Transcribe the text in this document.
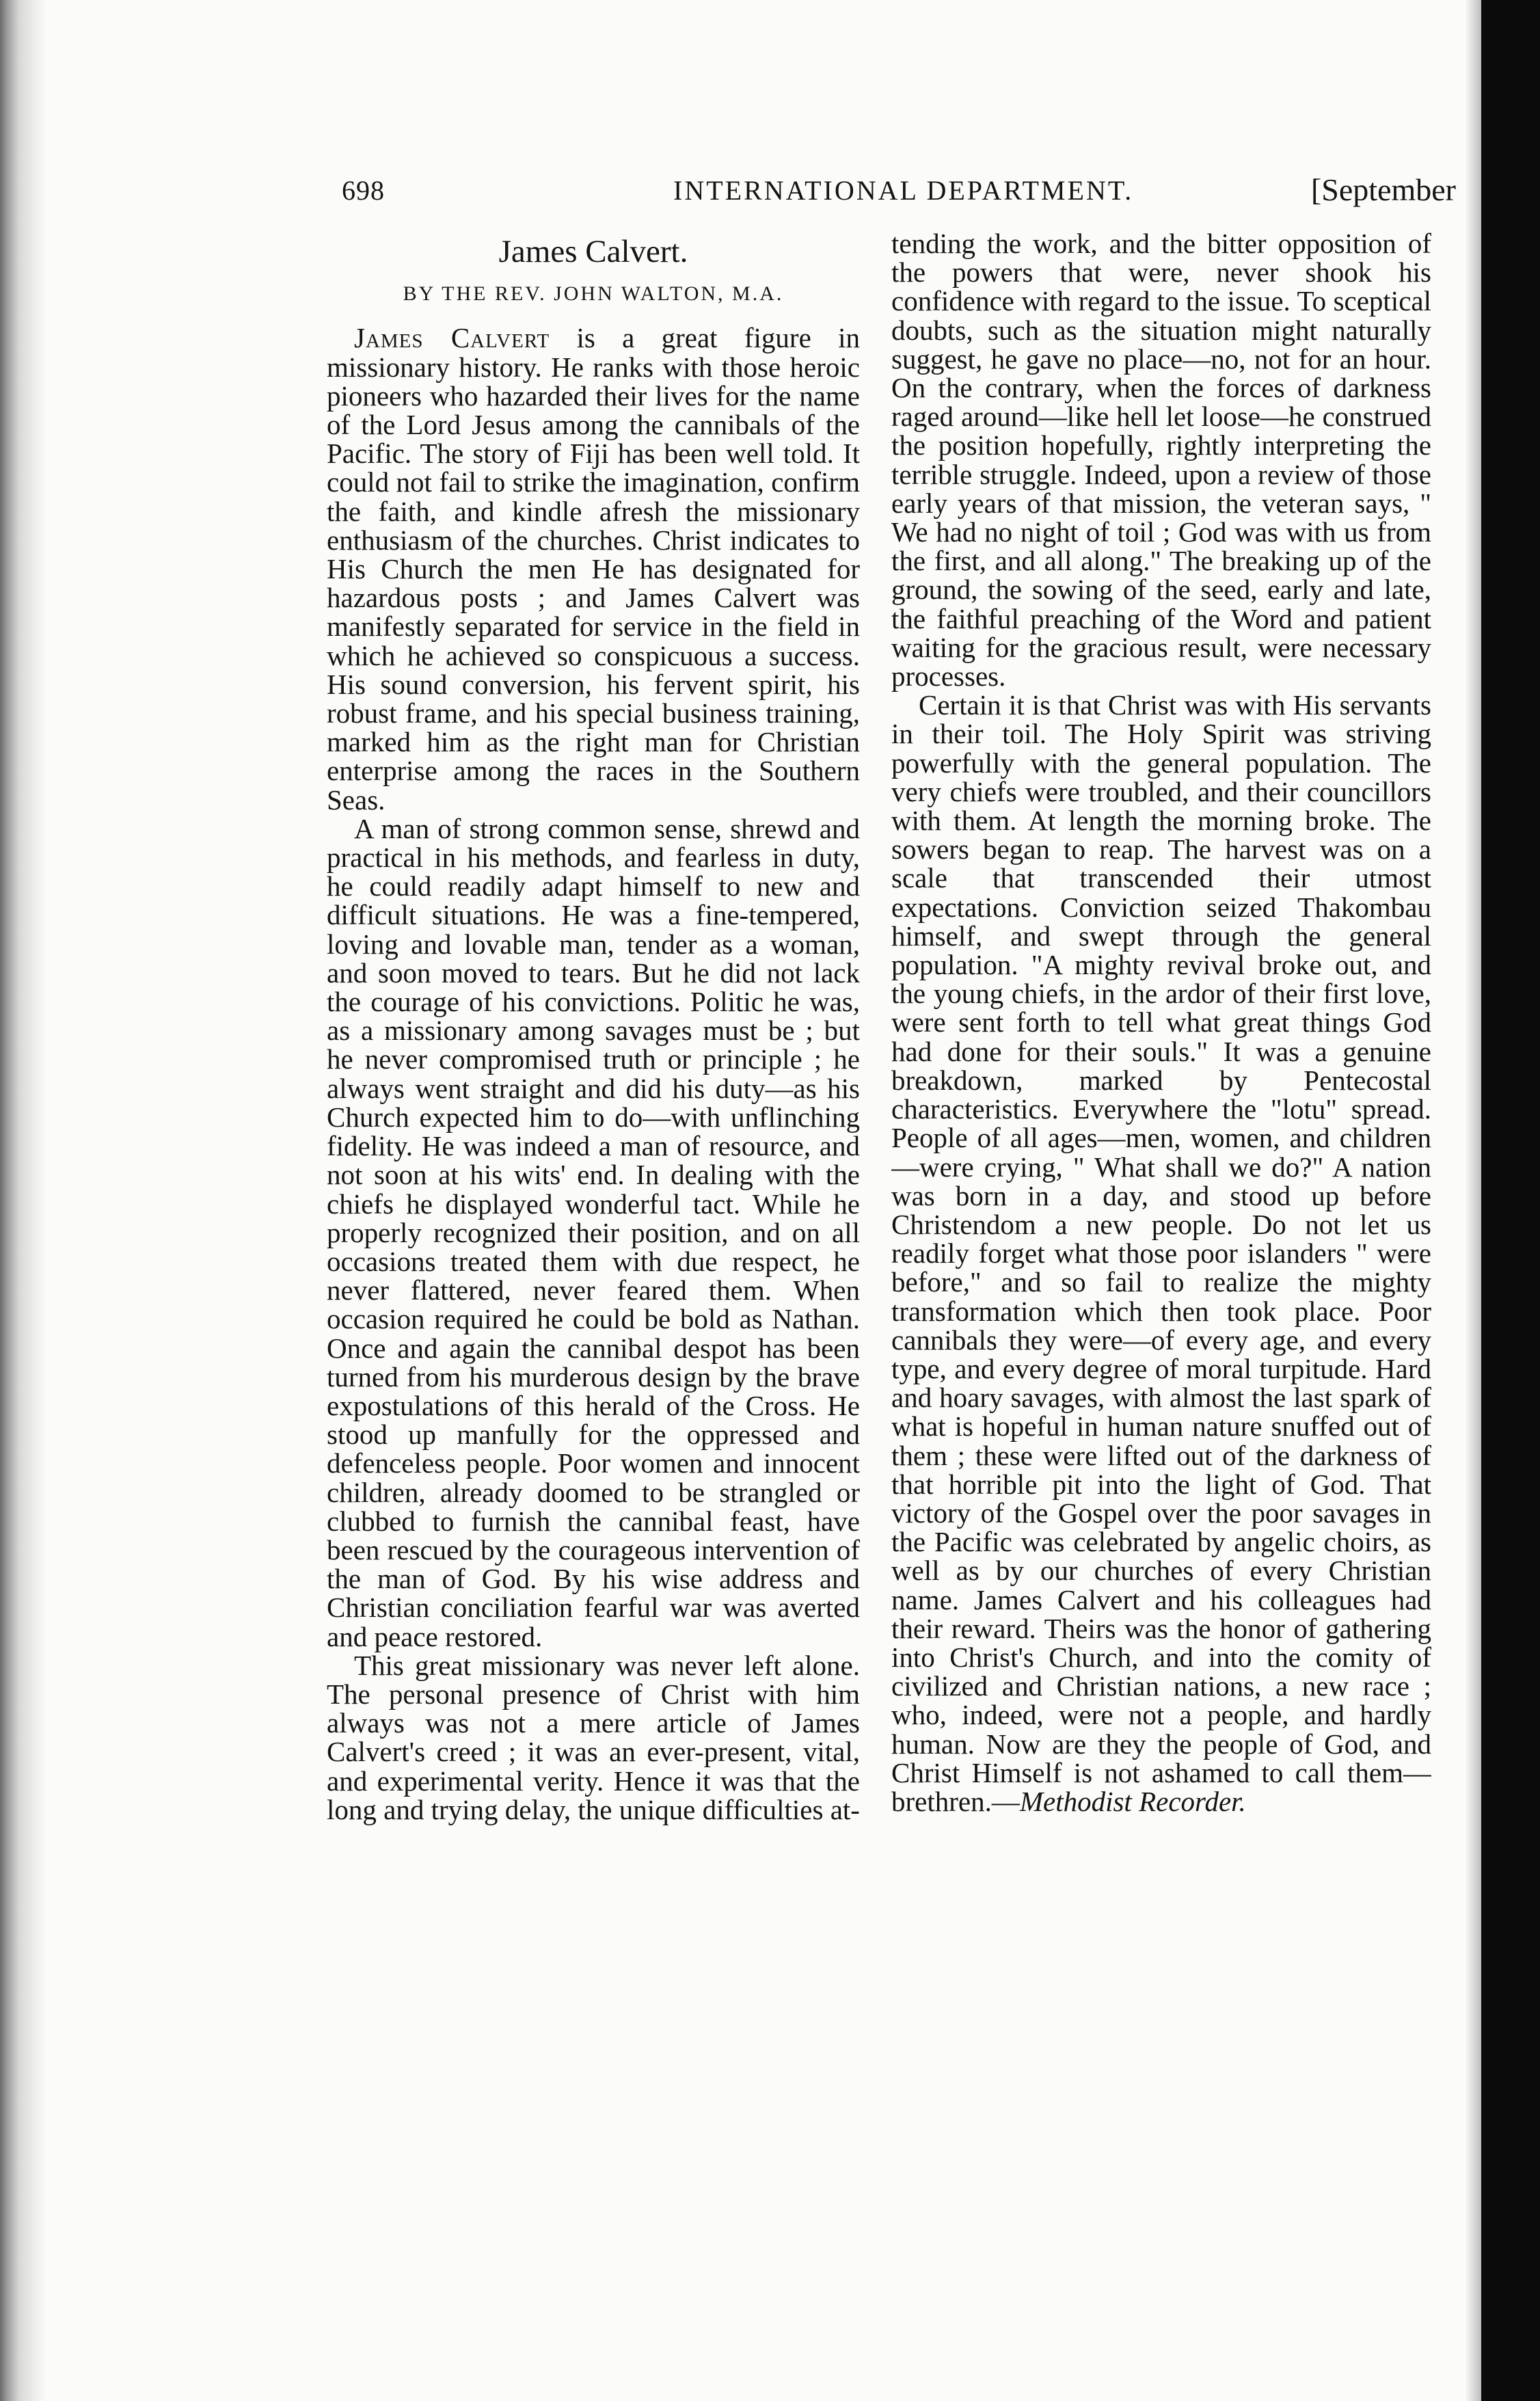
698	INTERNATIONAL DEPARTMENT.	[September
James Calvert.
BY THE REV. JOHN WALTON, M.A.

James Calvert is a great figure in missionary history. He ranks with those heroic pioneers who hazarded their lives for the name of the Lord Jesus among the cannibals of the Pacific. The story of Fiji has been well told. It could not fail to strike the imagination, confirm the faith, and kindle afresh the missionary enthusiasm of the churches. Christ indicates to His Church the men He has designated for hazardous posts ; and James Calvert was manifestly separated for service in the field in which he achieved so conspicuous a success. His sound conversion, his fervent spirit, his robust frame, and his special business training, marked him as the right man for Christian enterprise among the races in the Southern Seas.

A man of strong common sense, shrewd and practical in his methods, and fearless in duty, he could readily adapt himself to new and difficult situations. He was a fine-tempered, loving and lovable man, tender as a woman, and soon moved to tears. But he did not lack the courage of his convictions. Politic he was, as a missionary among savages must be ; but he never compromised truth or principle ; he always went straight and did his duty—as his Church expected him to do—with unflinching fidelity. He was indeed a man of resource, and not soon at his wits' end. In dealing with the chiefs he displayed wonderful tact. While he properly recognized their position, and on all occasions treated them with due respect, he never flattered, never feared them. When occasion required he could be bold as Nathan. Once and again the cannibal despot has been turned from his murderous design by the brave expostulations of this herald of the Cross. He stood up manfully for the oppressed and defenceless people. Poor women and innocent children, already doomed to be strangled or clubbed to furnish the cannibal feast, have been rescued by the courageous intervention of the man of God. By his wise address and Christian conciliation fearful war was averted and peace restored.

This great missionary was never left alone. The personal presence of Christ with him always was not a mere article of James Calvert's creed ; it was an ever-present, vital, and experimental verity. Hence it was that the long and trying delay, the unique difficulties at-

tending the work, and the bitter opposition of the powers that were, never shook his confidence with regard to the issue. To sceptical doubts, such as the situation might naturally suggest, he gave no place—no, not for an hour. On the contrary, when the forces of darkness raged around—like hell let loose—he construed the position hopefully, rightly interpreting the terrible struggle. Indeed, upon a review of those early years of that mission, the veteran says, " We had no night of toil ; God was with us from the first, and all along." The breaking up of the ground, the sowing of the seed, early and late, the faithful preaching of the Word and patient waiting for the gracious result, were necessary processes.

Certain it is that Christ was with His servants in their toil. The Holy Spirit was striving powerfully with the general population. The very chiefs were troubled, and their councillors with them. At length the morning broke. The sowers began to reap. The harvest was on a scale that transcended their utmost expectations. Conviction seized Thakombau himself, and swept through the general population. "A mighty revival broke out, and the young chiefs, in the ardor of their first love, were sent forth to tell what great things God had done for their souls." It was a genuine breakdown, marked by Pentecostal characteristics. Everywhere the "lotu" spread. People of all ages—men, women, and children—were crying, " What shall we do?" A nation was born in a day, and stood up before Christendom a new people. Do not let us readily forget what those poor islanders " were before," and so fail to realize the mighty transformation which then took place. Poor cannibals they were—of every age, and every type, and every degree of moral turpitude. Hard and hoary savages, with almost the last spark of what is hopeful in human nature snuffed out of them ; these were lifted out of the darkness of that horrible pit into the light of God. That victory of the Gospel over the poor savages in the Pacific was celebrated by angelic choirs, as well as by our churches of every Christian name. James Calvert and his colleagues had their reward. Theirs was the honor of gathering into Christ's Church, and into the comity of civilized and Christian nations, a new race ; who, indeed, were not a people, and hardly human. Now are they the people of God, and Christ Himself is not ashamed to call them—brethren.—Methodist Recorder.
